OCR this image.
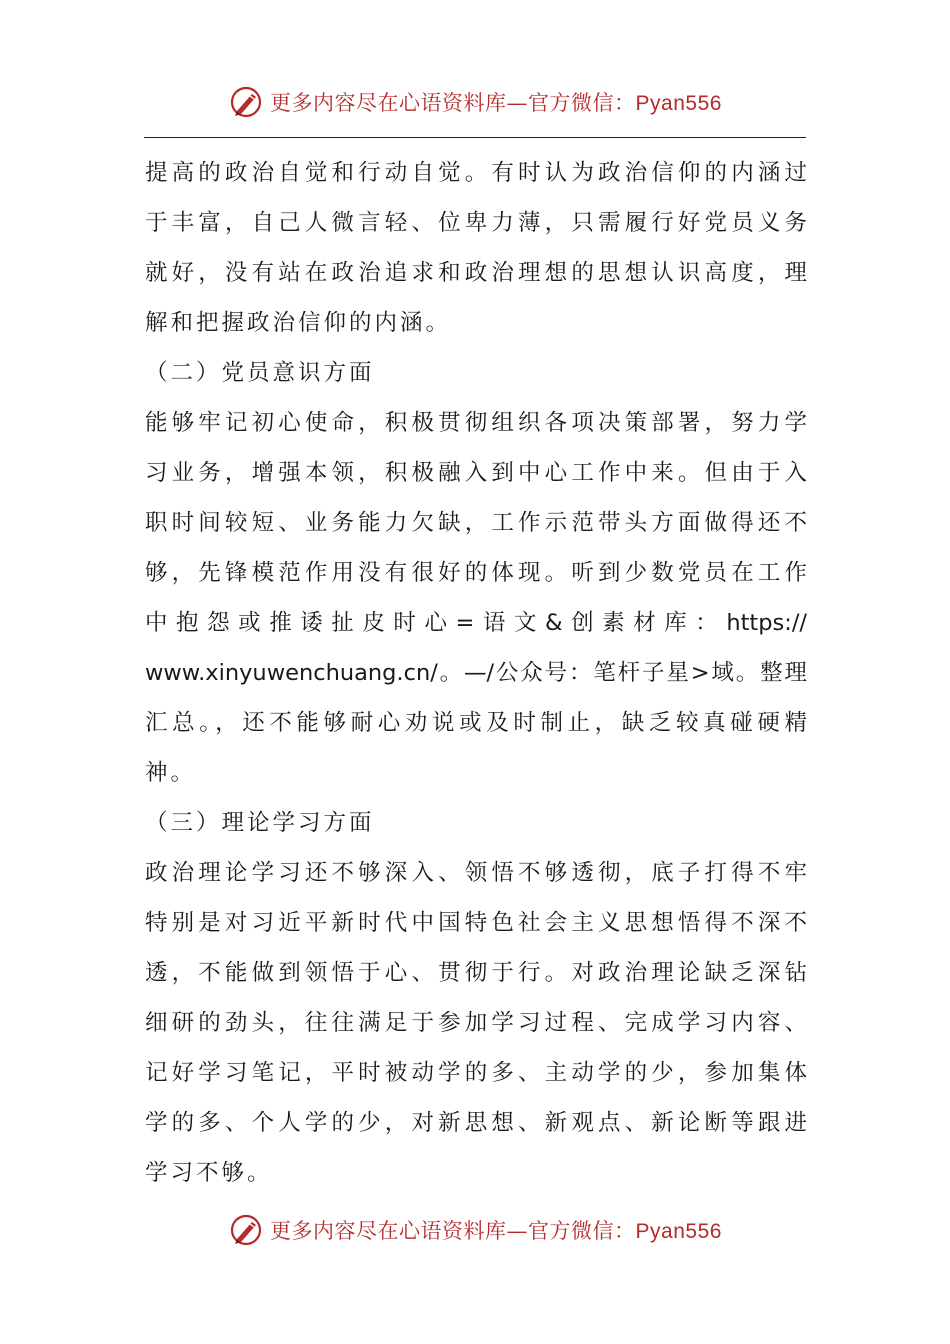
更多内容尽在心语资料库—官方微信：Pyan556
提高的政治自觉和行动自觉。有时认为政治信仰的内涵过
于丰富，自己人微言轻、位卑力薄，只需履行好党员义务
就好，没有站在政治追求和政治理想的思想认识高度，理
解和把握政治信仰的内涵。
（二）党员意识方面
能够牢记初心使命，积极贯彻组织各项决策部署，努力学
习业务，增强本领，积极融入到中心工作中来。但由于入
职时间较短、业务能力欠缺，工作示范带头方面做得还不
够，先锋模范作用没有很好的体现。听到少数党员在工作
中抱怨或推诿扯皮时心=语文&创素材库：https://
www.xinyuwenchuang.cn/。—/公众号：笔杆子星>域。整理
汇总。，还不能够耐心劝说或及时制止，缺乏较真碰硬精
神。
（三）理论学习方面
政治理论学习还不够深入、领悟不够透彻，底子打得不牢
特别是对习近平新时代中国特色社会主义思想悟得不深不
透，不能做到领悟于心、贯彻于行。对政治理论缺乏深钻
细研的劲头，往往满足于参加学习过程、完成学习内容、
记好学习笔记，平时被动学的多、主动学的少，参加集体
学的多、个人学的少，对新思想、新观点、新论断等跟进
学习不够。
更多内容尽在心语资料库—官方微信：Pyan556
